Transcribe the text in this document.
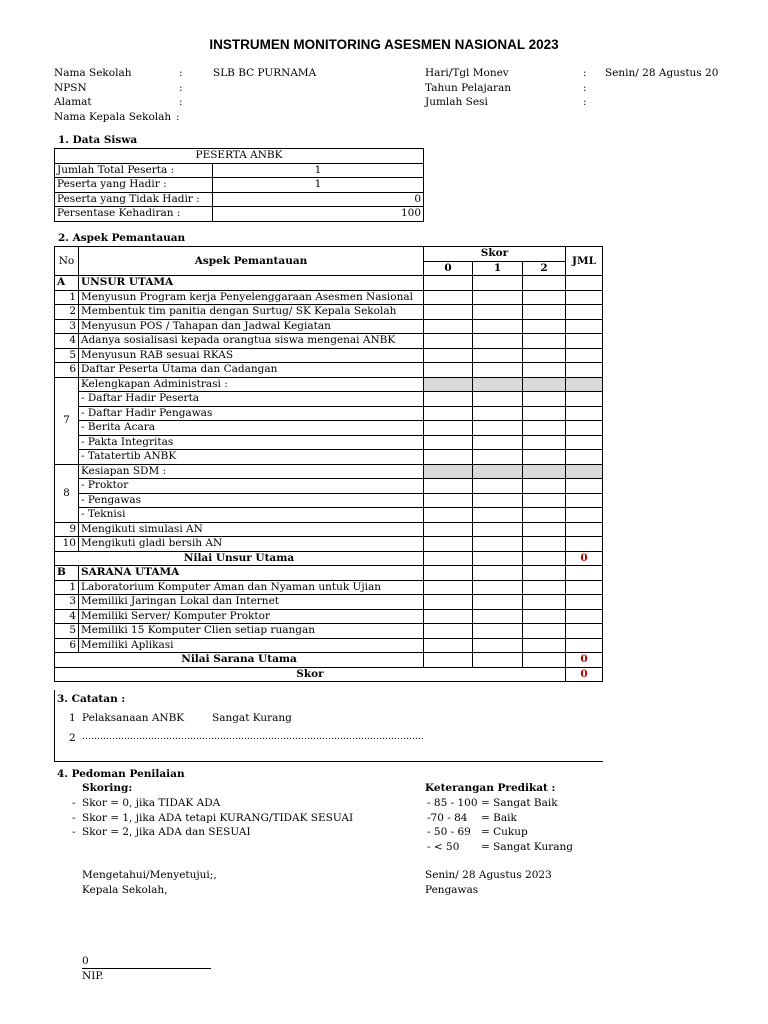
INSTRUMEN MONITORING ASESMEN NASIONAL 2023
Nama Sekolah	:	SLB BC PURNAMA
NPSN	:
Alamat	:
Nama Kepala Sekolah :
Hari/Tgl Monev	: Senin/ 28 Agustus 20
Tahun Pelajaran	:
Jumlah Sesi	:
1. Data Siswa
PESERTA ANBK	
Jumlah Total Peserta :	1
Peserta yang Hadir :	1
Peserta yang Tidak Hadir :	0
Persentase Kehadiran :	100
2. Aspek Pemantauan
No	Aspek Pemantauan	Skor			JML
		0	1	2	
A	UNSUR UTAMA				
1	Menyusun Program kerja Penyelenggaraan Asesmen Nasional				
2	Membentuk tim panitia dengan Surtug/ SK Kepala Sekolah				
3	Menyusun POS / Tahapan dan Jadwal Kegiatan				
4	Adanya sosialisasi kepada orangtua siswa mengenai ANBK				
5	Menyusun RAB sesuai RKAS				
6	Daftar Peserta Utama dan Cadangan				
7	Kelengkapan Administrasi :				
	- Daftar Hadir Peserta				
	- Daftar Hadir Pengawas				
	- Berita Acara				
	- Pakta Integritas				
	- Tatatertib ANBK				
8	Kesiapan SDM :				
	- Proktor				
	- Pengawas				
	- Teknisi				
9	Mengikuti simulasi AN				
10	Mengikuti gladi bersih AN				
Nilai Unsur Utama					0
B	SARANA UTAMA				
1	Laboratorium Komputer Aman dan Nyaman untuk Ujian				
3	Memiliki Jaringan Lokal dan Internet				
4	Memiliki Server/ Komputer Proktor				
5	Memiliki 15 Komputer Clien setiap ruangan				
6	Memiliki Aplikasi				
Nilai Sarana Utama					0
Skor					0
3. Catatan :
1 Pelaksanaan ANBK	Sangat Kurang
2 ……………………………………………………………………………………………………
4. Pedoman Penilaian
Skoring:
- Skor = 0, jika TIDAK ADA
- Skor = 1, jika ADA tetapi KURANG/TIDAK SESUAI
- Skor = 2, jika ADA dan SESUAI
Keterangan Predikat :
- 85 - 100 = Sangat Baik
-70 - 84 = Baik
- 50 - 69 = Cukup
- < 50 = Sangat Kurang
Mengetahui/Menyetujui;,
Kepala Sekolah,
Senin/ 28 Agustus 2023
Pengawas
0
NIP.
